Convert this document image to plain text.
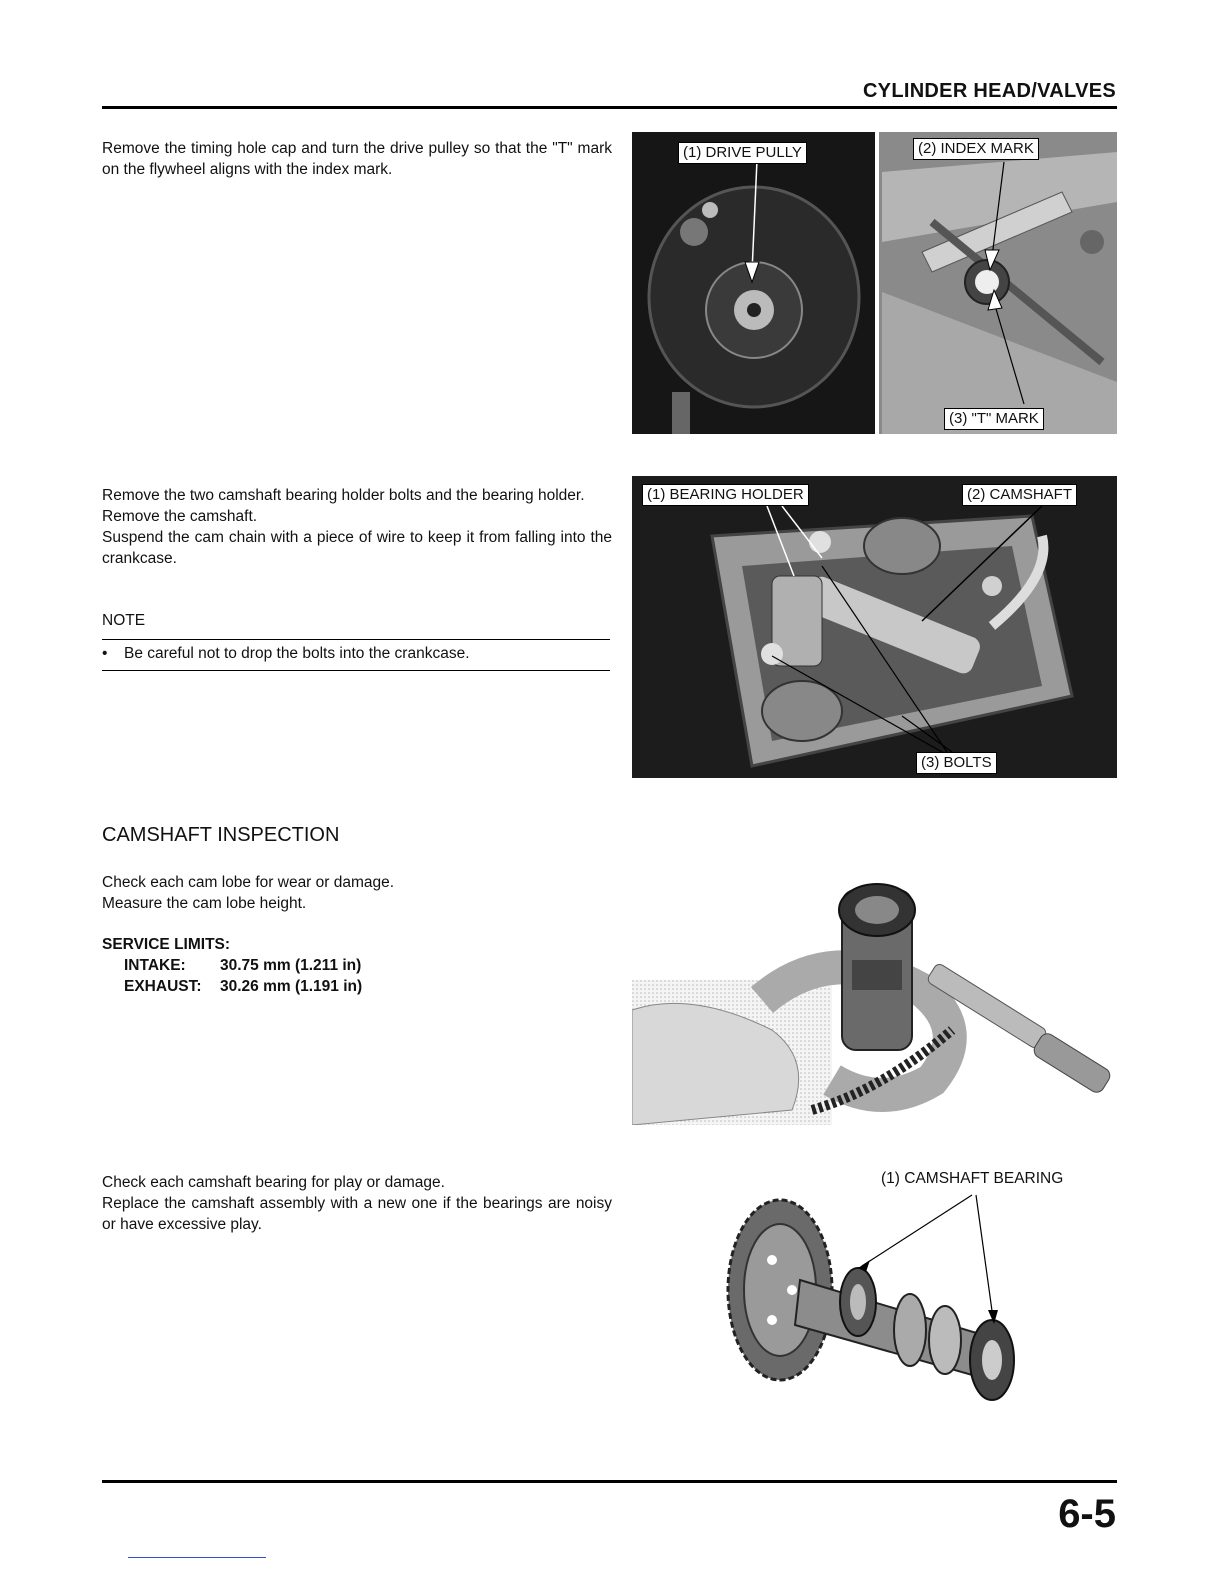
CYLINDER HEAD/VALVES

Remove the timing hole cap and turn the drive pulley so that the "T" mark on the flywheel aligns with the index mark.

(1) DRIVE PULLY	(2) INDEX MARK
(3) "T" MARK

Remove the two camshaft bearing holder bolts and the bearing holder.

Remove the camshaft.

Suspend the cam chain with a piece of wire to keep it from falling into the crankcase.

NOTE
• Be careful not to drop the bolts into the crankcase.
(1) BEARING HOLDER	(2) CAMSHAFT
(3) BOLTS
CAMSHAFT INSPECTION

Check each cam lobe for wear or damage.

Measure the cam lobe height.

SERVICE LIMITS:
INTAKE: 30.75 mm (1.211 in)
EXHAUST: 30.26 mm (1.191 in)

Check each camshaft bearing for play or damage.

Replace the camshaft assembly with a new one if the bearings are noisy or have excessive play.

(1) CAMSHAFT BEARING
6-5
